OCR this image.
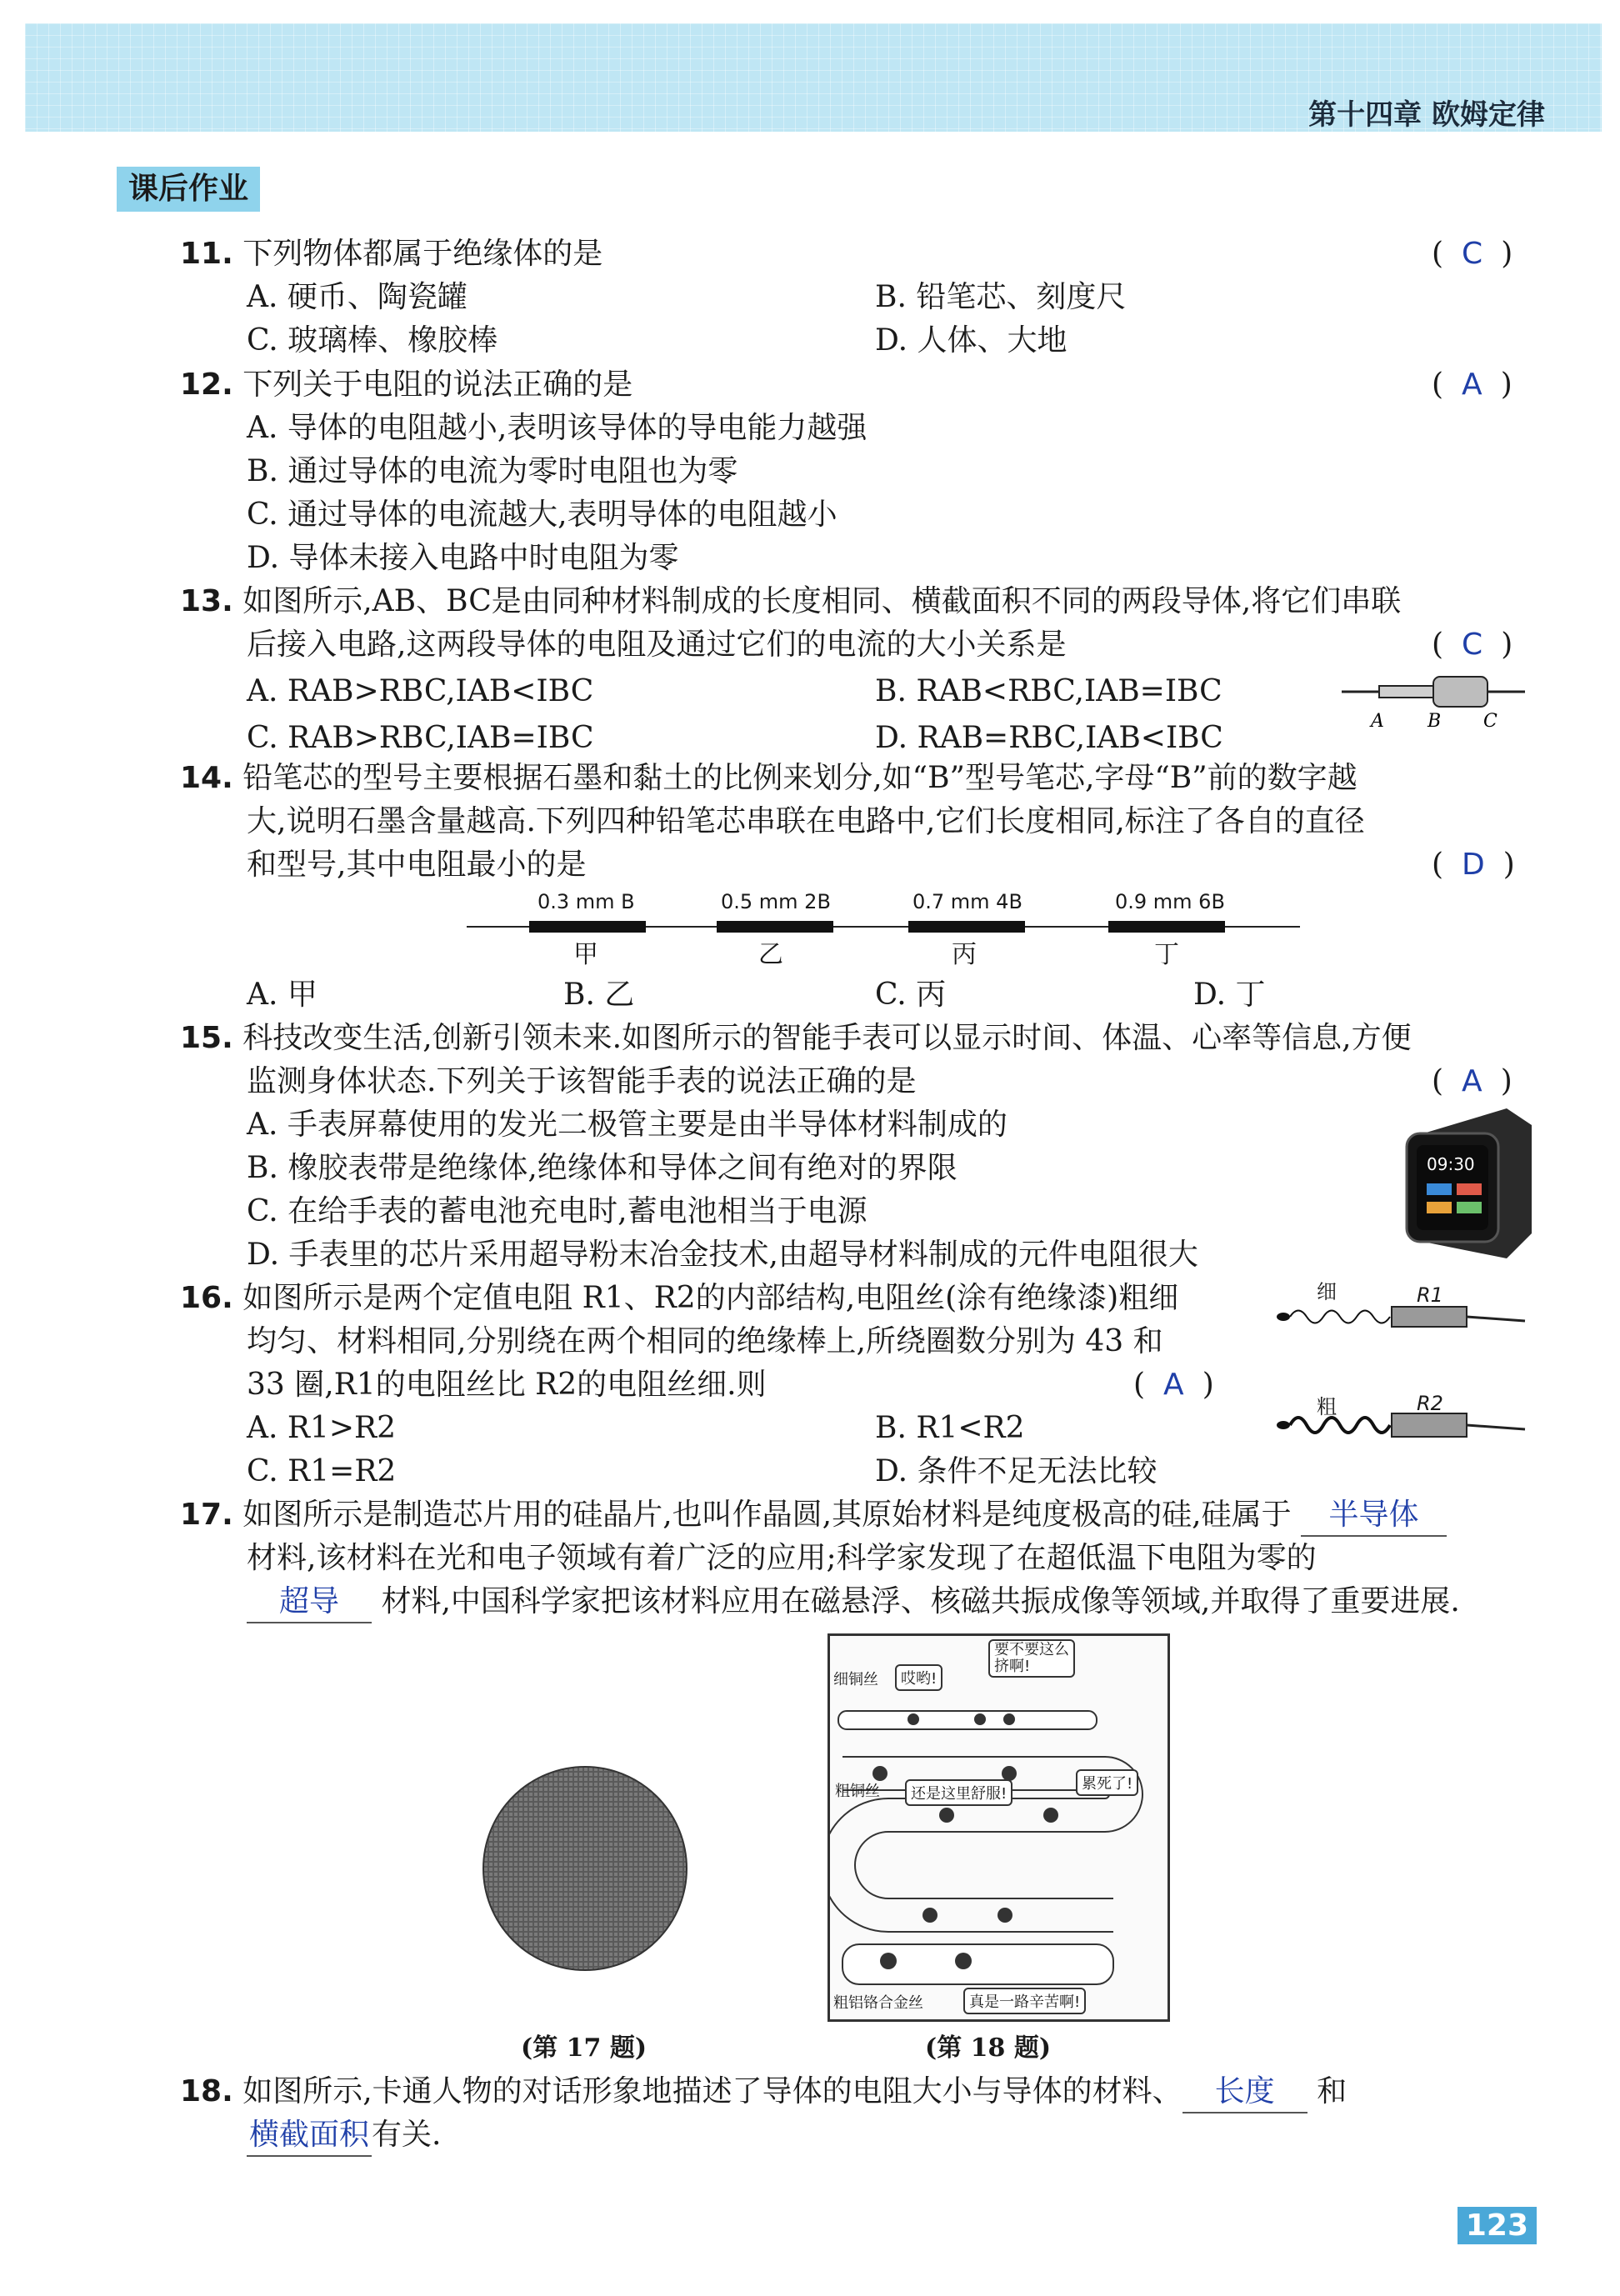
第十四章 欧姆定律
课后作业
11. 下列物体都属于绝缘体的是	( C )
A. 硬币、陶瓷罐	B. 铅笔芯、刻度尺
C. 玻璃棒、橡胶棒	D. 人体、大地
12. 下列关于电阻的说法正确的是	( A )
A. 导体的电阻越小,表明该导体的导电能力越强
B. 通过导体的电流为零时电阻也为零
C. 通过导体的电流越大,表明导体的电阻越小
D. 导体未接入电路中时电阻为零
13. 如图所示,AB、BC是由同种材料制成的长度相同、横截面积不同的两段导体,将它们串联
后接入电路,这两段导体的电阻及通过它们的电流的大小关系是	( C )
A. RAB>RBC,IAB<IBC	B. RAB<RBC,IAB=IBC
C. RAB>RBC,IAB=IBC	D. RAB=RBC,IAB<IBC	A B C
14. 铅笔芯的型号主要根据石墨和黏土的比例来划分,如“B”型号笔芯,字母“B”前的数字越
大,说明石墨含量越高.下列四种铅笔芯串联在电路中,它们长度相同,标注了各自的直径
和型号,其中电阻最小的是	( D )
0.3 mm B	0.5 mm 2B	0.7 mm 4B	0.9 mm 6B
甲	乙	丙	丁
A. 甲	B. 乙	C. 丙	D. 丁
15. 科技改变生活,创新引领未来.如图所示的智能手表可以显示时间、体温、心率等信息,方便
监测身体状态.下列关于该智能手表的说法正确的是	( A )
A. 手表屏幕使用的发光二极管主要是由半导体材料制成的
B. 橡胶表带是绝缘体,绝缘体和导体之间有绝对的界限
C. 在给手表的蓄电池充电时,蓄电池相当于电源
D. 手表里的芯片采用超导粉末冶金技术,由超导材料制成的元件电阻很大
09:30
16. 如图所示是两个定值电阻 R1、R2的内部结构,电阻丝(涂有绝缘漆)粗细
均匀、材料相同,分别绕在两个相同的绝缘棒上,所绕圈数分别为 43 和
33 圈,R1的电阻丝比 R2的电阻丝细.则	( A )
A. R1>R2	B. R1<R2
C. R1=R2	D. 条件不足无法比较
细	R1
粗	R2
17. 如图所示是制造芯片用的硅晶片,也叫作晶圆,其原始材料是纯度极高的硅,硅属于 半导体
材料,该材料在光和电子领域有着广泛的应用;科学家发现了在超低温下电阻为零的
超导 材料,中国科学家把该材料应用在磁悬浮、核磁共振成像等领域,并取得了重要进展.
(第 17 题)
细铜丝	哎哟!
要不要这么挤啊!
粗铜丝	还是这里舒服!
累死了!
粗铝铬合金丝	真是一路辛苦啊!
(第 18 题)
18. 如图所示,卡通人物的对话形象地描述了导体的电阻大小与导体的材料、 长度 和
横截面积有关.
123
